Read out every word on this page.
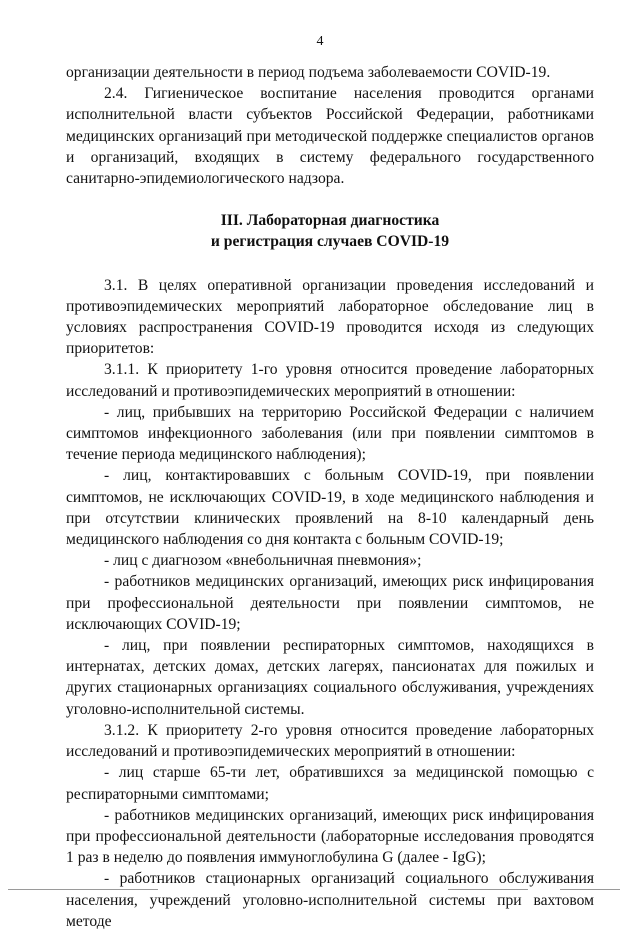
4

организации деятельности в период подъема заболеваемости COVID-19.

2.4. Гигиеническое воспитание населения проводится органами исполнительной власти субъектов Российской Федерации, работниками медицинских организаций при методической поддержке специалистов органов и организаций, входящих в систему федерального государственного санитарно-эпидемиологического надзора.

III. Лабораторная диагностика
и регистрация случаев COVID-19

3.1. В целях оперативной организации проведения исследований и противоэпидемических мероприятий лабораторное обследование лиц в условиях распространения COVID-19 проводится исходя из следующих приоритетов:

3.1.1. К приоритету 1-го уровня относится проведение лабораторных исследований и противоэпидемических мероприятий в отношении:

- лиц, прибывших на территорию Российской Федерации с наличием симптомов инфекционного заболевания (или при появлении симптомов в течение периода медицинского наблюдения);

- лиц, контактировавших с больным COVID-19, при появлении симптомов, не исключающих COVID-19, в ходе медицинского наблюдения и при отсутствии клинических проявлений на 8-10 календарный день медицинского наблюдения со дня контакта с больным COVID-19;

- лиц с диагнозом «внебольничная пневмония»;

- работников медицинских организаций, имеющих риск инфицирования при профессиональной деятельности при появлении симптомов, не исключающих COVID-19;

- лиц, при появлении респираторных симптомов, находящихся в интернатах, детских домах, детских лагерях, пансионатах для пожилых и других стационарных организациях социального обслуживания, учреждениях уголовно-исполнительной системы.

3.1.2. К приоритету 2-го уровня относится проведение лабораторных исследований и противоэпидемических мероприятий в отношении:

- лиц старше 65-ти лет, обратившихся за медицинской помощью с респираторными симптомами;

- работников медицинских организаций, имеющих риск инфицирования при профессиональной деятельности (лабораторные исследования проводятся 1 раз в неделю до появления иммуноглобулина G (далее - IgG);

- работников стационарных организаций социального обслуживания населения, учреждений уголовно-исполнительной системы при вахтовом методе
